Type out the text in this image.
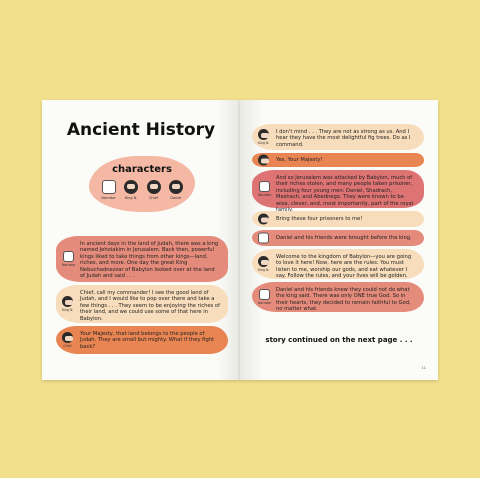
Ancient History
characters
Narrator	King N.	Chief	Daniel
Narrator
In ancient days in the land of Judah, there was a king named Jehoiakim in Jerusalem. Back then, powerful kings liked to take things from other kings—land, riches, and more. One day the great King Nebuchadnezzar of Babylon looked over at the land of Judah and said . . .
King N.
Chief, call my commander! I see the good land of Judah, and I would like to pop over there and take a few things . . . They seem to be enjoying the riches of their land, and we could use some of that here in Babylon.
Chief
Your Majesty, that land belongs to the people of Judah. They are small but mighty. What if they fight back?
King N.
I don't mind . . . They are not as strong as us. And I hear they have the most delightful fig trees. Do as I command.
Yes, Your Majesty!
Narrator
And so Jerusalem was attacked by Babylon, much of their riches stolen, and many people taken prisoner, including four young men: Daniel, Shadrach, Meshach, and Abednego. They were known to be wise, clever, and, most importantly, part of the royal
Bring these four prisoners to me!
Daniel and his friends were brought before the king.
King N.
Welcome to the kingdom of Babylon—you are going to love it here! Now, here are the rules: You must listen to me, worship our gods, and eat whatever I say. Follow the rules, and your lives will be golden.
Narrator
Daniel and his friends knew they could not do what the king said. There was only ONE true God. So in their hearts, they decided to remain faithful to God, no matter what.
story continued on the next page . . .
11
